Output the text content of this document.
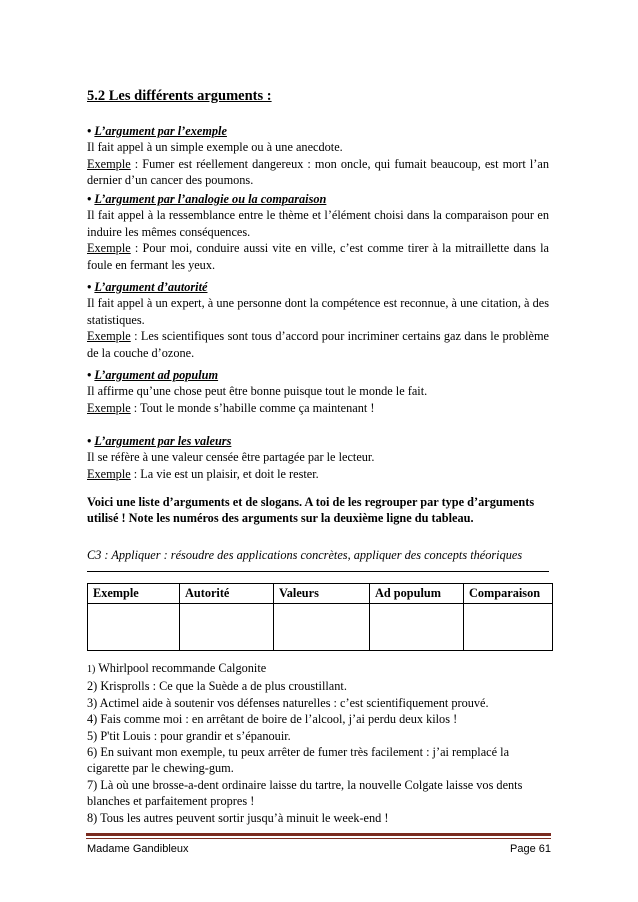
5.2 Les différents arguments :
• L’argument par l’exemple
Il fait appel à un simple exemple ou à une anecdote.
Exemple : Fumer est réellement dangereux : mon oncle, qui fumait beaucoup, est mort l’an dernier d’un cancer des poumons.
• L’argument par l’analogie ou la comparaison
Il fait appel à la ressemblance entre le thème et l’élément choisi dans la comparaison pour en induire les mêmes conséquences.
Exemple : Pour moi, conduire aussi vite en ville, c’est comme tirer à la mitraillette dans la foule en fermant les yeux.
• L’argument d’autorité
Il fait appel à un expert, à une personne dont la compétence est reconnue, à une citation, à des statistiques.
Exemple : Les scientifiques sont tous d’accord pour incriminer certains gaz dans le problème de la couche d’ozone.
• L’argument ad populum
Il affirme qu’une chose peut être bonne puisque tout le monde le fait.
Exemple : Tout le monde s’habille comme ça maintenant !
• L’argument par les valeurs
Il se réfère à une valeur censée être partagée par le lecteur.
Exemple : La vie est un plaisir, et doit le rester.
Voici une liste d’arguments et de slogans. A toi de les regrouper par type d’arguments utilisé ! Note les numéros des arguments sur la deuxième ligne du tableau.
C3 : Appliquer : résoudre des applications concrètes, appliquer des concepts théoriques
Exemple	Autorité	Valeurs	Ad populum	Comparaison

1) Whirlpool recommande Calgonite
2) Krisprolls : Ce que la Suède a de plus croustillant.
3) Actimel aide à soutenir vos défenses naturelles : c’est scientifiquement prouvé.
4) Fais comme moi : en arrêtant de boire de l’alcool, j’ai perdu deux kilos !
5) P'tit Louis : pour grandir et s’épanouir.
6) En suivant mon exemple, tu peux arrêter de fumer très facilement : j’ai remplacé la cigarette par le chewing-gum.
7) Là où une brosse-a-dent ordinaire laisse du tartre, la nouvelle Colgate laisse vos dents blanches et parfaitement propres !
8) Tous les autres peuvent sortir jusqu’à minuit le week-end !
Madame Gandibleux	Page 61
